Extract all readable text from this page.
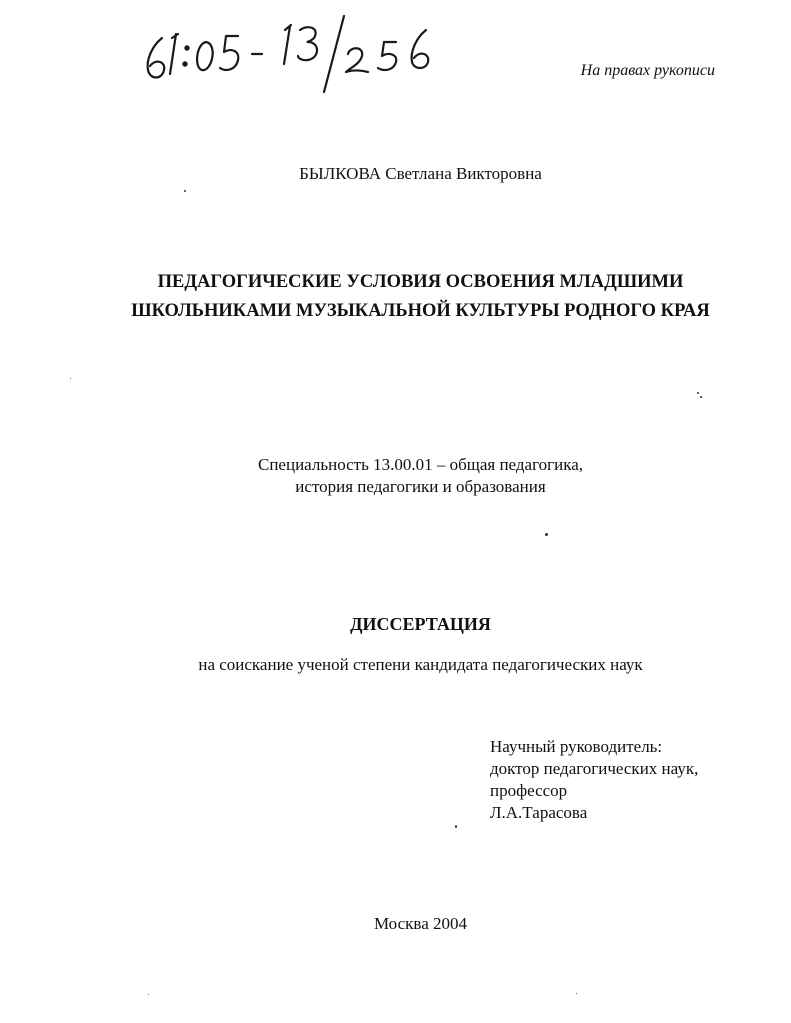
На правах рукописи
БЫЛКОВА Светлана Викторовна
ПЕДАГОГИЧЕСКИЕ УСЛОВИЯ ОСВОЕНИЯ МЛАДШИМИ
ШКОЛЬНИКАМИ МУЗЫКАЛЬНОЙ КУЛЬТУРЫ РОДНОГО КРАЯ
Специальность 13.00.01 – общая педагогика,
история педагогики и образования
ДИССЕРТАЦИЯ
на соискание ученой степени кандидата педагогических наук
Научный руководитель:
доктор педагогических наук,
профессор
Л.А.Тарасова
Москва 2004
